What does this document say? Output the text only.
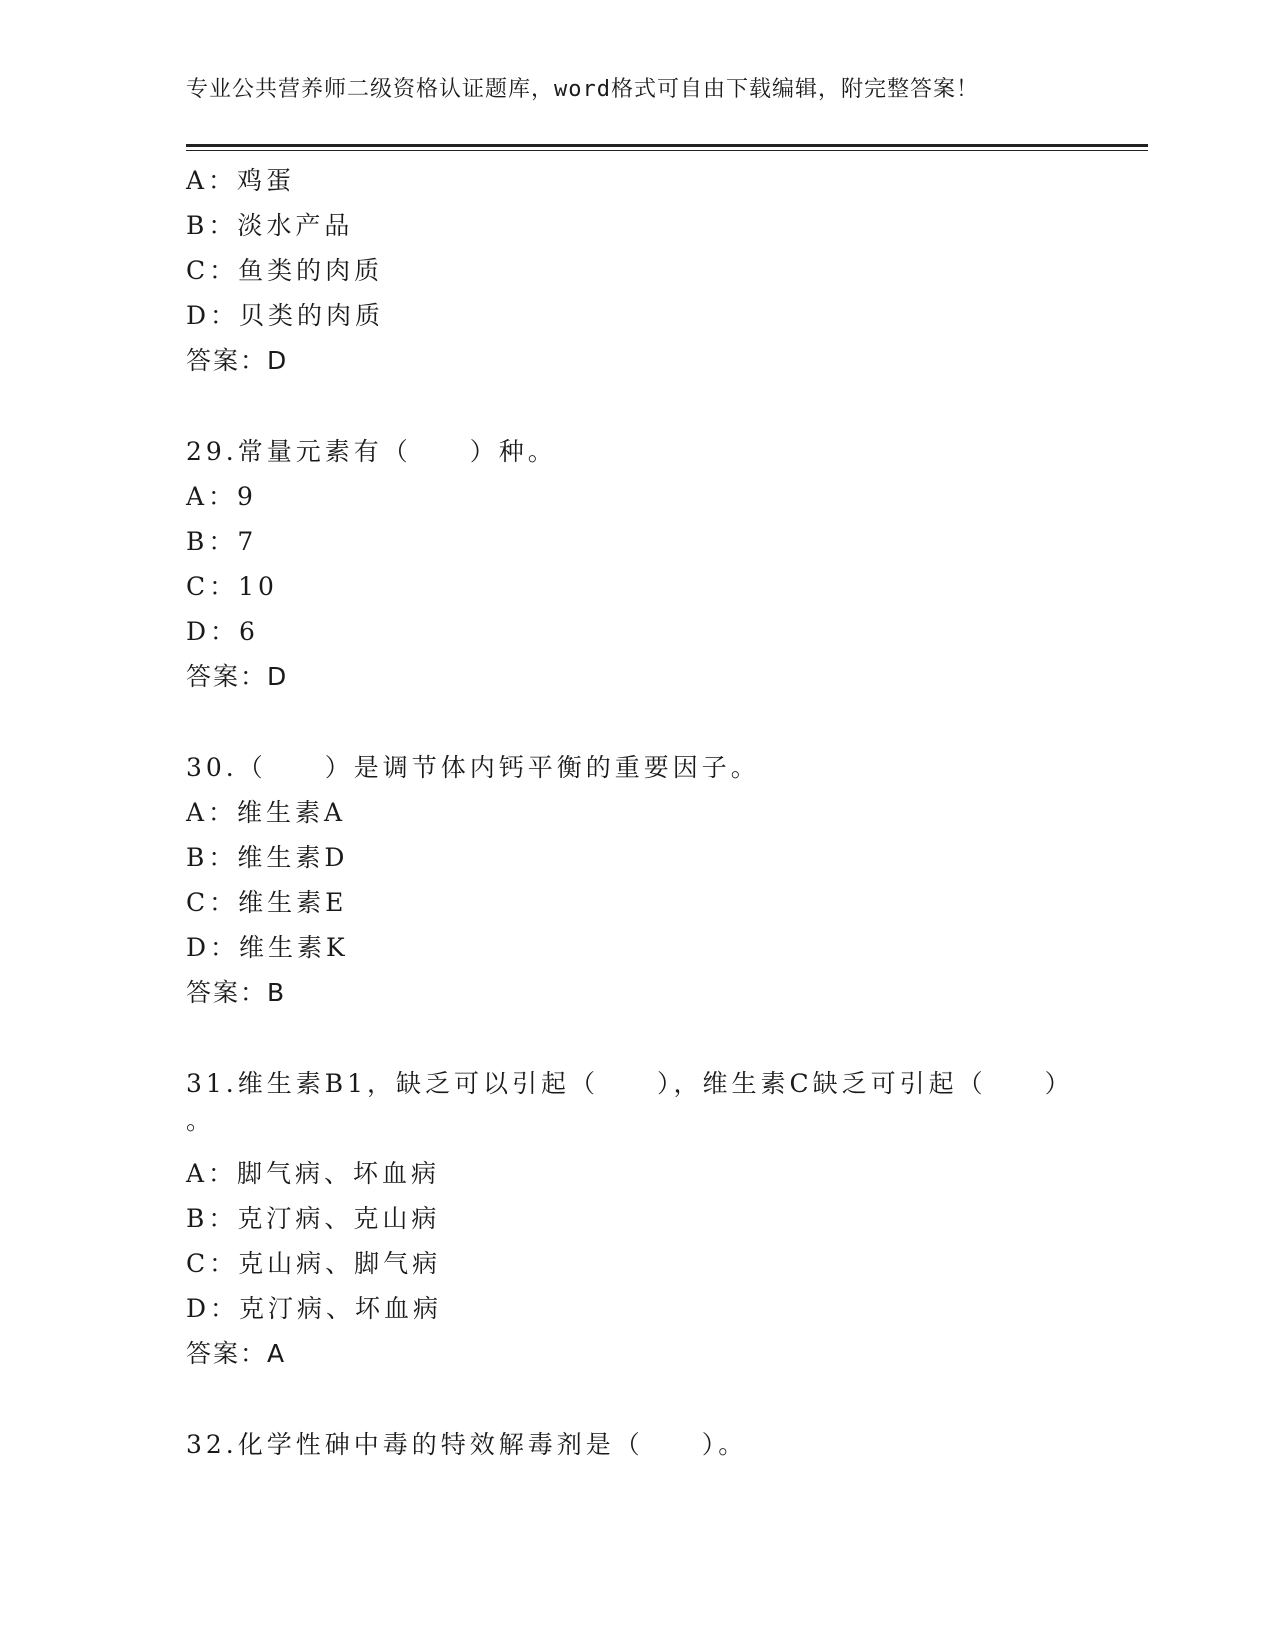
专业公共营养师二级资格认证题库，word格式可自由下载编辑，附完整答案！
A：鸡蛋
B：淡水产品
C：鱼类的肉质
D：贝类的肉质
答案：D
29.常量元素有（　　）种。
A：9
B：7
C：10
D：6
答案：D
30.（　　）是调节体内钙平衡的重要因子。
A：维生素A
B：维生素D
C：维生素E
D：维生素K
答案：B
31.维生素B1，缺乏可以引起（　　），维生素C缺乏可引起（　　）
。
A：脚气病、坏血病
B：克汀病、克山病
C：克山病、脚气病
D：克汀病、坏血病
答案：A
32.化学性砷中毒的特效解毒剂是（　　）。
